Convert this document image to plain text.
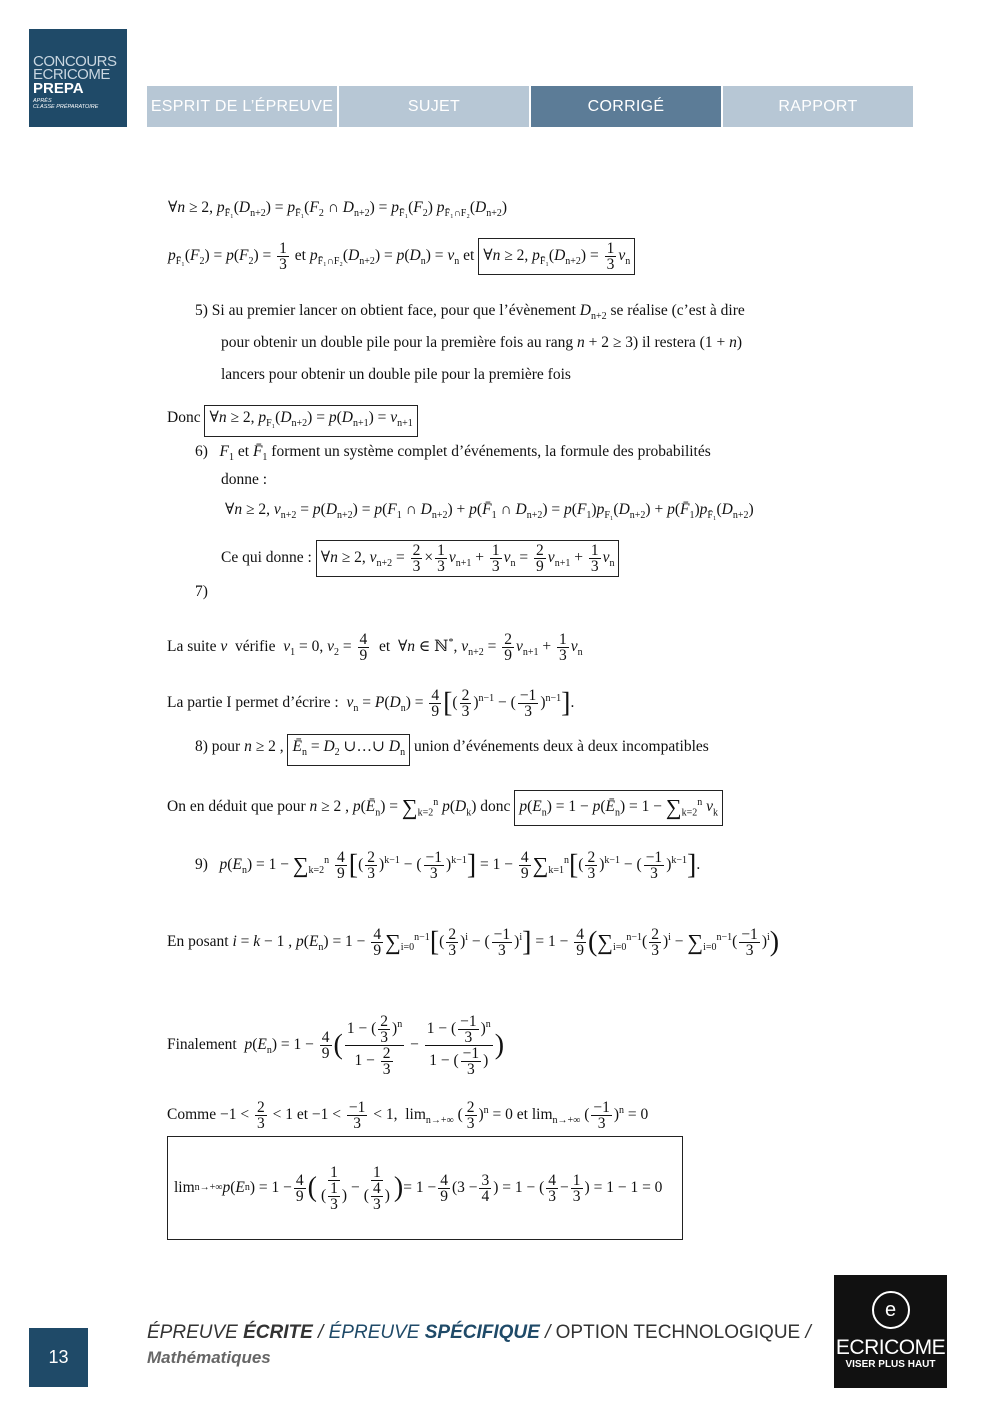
CONCOURS
ECRICOME
PREPA
APRÈS
CLASSE PRÉPARATOIRE	ESPRIT DE L’ÉPREUVE	SUJET	CORRIGÉ	RAPPORT
∀n ≥ 2, $p_{F̄_1}(D_{n+2}) = p_{F̄_1}(F_2$ ∩ $D_{n+2}) = p_{F̄_1}(F_2)$ $p_{F̄_1\cap F_2}(D_{n+2})$
$p_{F̄_1}(F_2) = p(F_2) = \frac{1}{3}$ et $p_{F̄_1\cap F_2}(D_{n+2}) = p(D_n) = v_n$ et ∀n ≥ 2, $p_{F̄_1}(D_{n+2}) = \frac{1}{3} v_n$
5) Si au premier lancer on obtient face, pour que l’évènement $D_{n+2}$ se réalise (c’est à dire
pour obtenir un double pile pour la première fois au rang n + 2 ≥ 3) il restera (1 + n)
lancers pour obtenir un double pile pour la première fois
Donc ∀n ≥ 2, $p_{F_1}(D_{n+2}) = p(D_{n+1}) = v_{n+1}$
6) $F_1$ et $F̄_1$ forment un système complet d’événements, la formule des probabilités
donne :
∀n ≥ 2, $v_{n+2} = p(D_{n+2}) = p(F_1$ ∩ $D_{n+2}$) + $p(F̄_1$ ∩ $D_{n+2}) = p(F_1)p_{F_1}(D_{n+2})$ + $p(F̄_1)p_{F̄_1}(D_{n+2})$
Ce qui donne : ∀n ≥ 2, $v_{n+2} = \frac{2}{3} \times \frac{1}{3} v_{n+1} + \frac{1}{3} v_n = \frac{2}{9} v_{n+1} + \frac{1}{3} v_n$
7)
La suite v vérifie $v_1 = 0$, $v_2 = \frac{4}{9}$ et  ∀n ∈ ℕ*, $v_{n+2} = \frac{2}{9} v_{n+1} + \frac{1}{3} v_n$
La partie I permet d’écrire : $v_n = P(D_n) = \frac{4}{9}$ [( $\frac{2}{3} )^{n-1}$ − ( $\frac{-1}{3} )^{n-1}$].
8) pour n ≥ 2 , $Ē_n = D_2$ ∪…∪ $D_n$ union d’événements deux à deux incompatibles
On en déduit que pour n ≥ 2 , $p(Ē_n) = \sum_{k=2}^n$ $p(D_k)$ donc $p(E_n) = 1$ − $p(Ē_n) = 1 - \sum_{k=2}^n$ $v_k$
9) $p(E_n) = 1 - \sum_{k=2}^n \frac{4}{9}$ [( $\frac{2}{3} )^{k-1}$ − ( $\frac{-1}{3} )^{k-1}] = 1 - \frac{4}{9} \sum_{k=1}^n[( \frac{2}{3} )^{k-1}$ − ( $\frac{-1}{3} )^{k-1}$].
En posant i = k − 1 , $p(E_n) = 1 - \frac{4}{9} \sum_{i=0}^{n-1}[( \frac{2}{3} )^i$ − ( $\frac{-1}{3} )^i] = 1 - \frac{4}{9} (\sum_{i=0}^{n-1}( \frac{2}{3} )^i - \sum_{i=0}^{n-1}( \frac{-1}{3} )^i)$
Finalement $p(E_n) = 1 - \frac{4}{9}$ ( $\frac{1 - ( \frac{2}{3} )^n}{1 - \frac{2}{3}} - \frac{1 - ( \frac{-1}{3} )^n}{1 - ( \frac{-1}{3} )}$ )
Comme $-1 < \frac{2}{3} < 1$ et $-1 < \frac{-1}{3} < 1$,  $\lim_{n\to+\infty}$ ( $\frac{2}{3} )^n = 0$ et $\lim_{n\to+\infty}$ ( $\frac{-1}{3} )^n = 0$
lim n→+∞ p ( E n ) = $1 - \frac{4}{9}$ ( $\frac{1}{( \frac{1}{3} )} - \frac{1}{( \frac{4}{3} )}$ ) = $1 - \frac{4}{9} (3 - \frac{3}{4}$ ) = 1 − ( $\frac{4}{3} - \frac{1}{3}$ ) = 1 − 1 = 0
13
ÉPREUVE ÉCRITE / ÉPREUVE SPÉCIFIQUE / OPTION TECHNOLOGIQUE /
Mathématiques
e
ECRICOME
VISER PLUS HAUT
